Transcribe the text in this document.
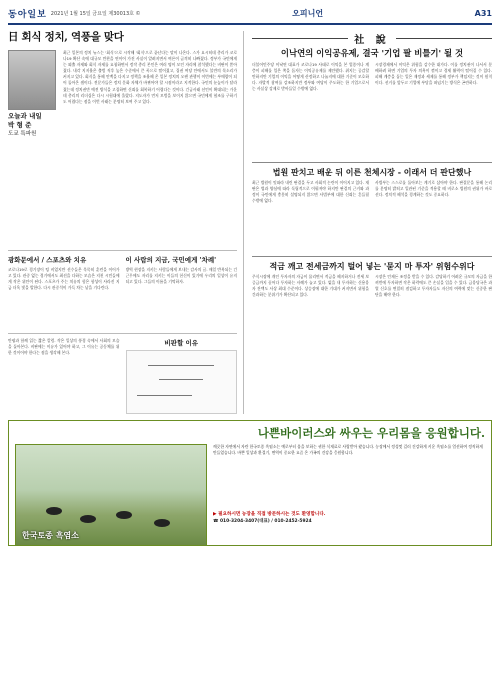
동아일보 2021년 1월 15일 금요일 제30013호 ©	오피니언	A31
日 회식 정치, 역풍을 맞다
오늘과 내일
박 형 준
도쿄 특파원
최근 일본의 정치 뉴스는 '회식'으로 시작해 '회식'으로 끝난다는 말이 나온다. 스가 요시히데 총리가 코로나19 확산 속에 대규모 만찬을 연이어 가진 사실이 알려지면서 여론이 급격히 나빠졌다. 정부가 국민에게는 외출 자제와 회식 자제를 요청하면서 정작 총리 본인은 여러 명이 모인 자리에 참석했다는 비판이 쏟아졌다. 내각 지지율은 출범 직후 높은 수준에서 큰 폭으로 떨어졌고, 집권 여당 안에서도 불만의 목소리가 커지고 있다. 회식을 통해 인맥을 다지고 정책을 조율해 온 일본 정치의 오랜 관행이 이번에는 부메랑이 되어 돌아온 셈이다. 전문가들은 정치 문화 자체가 바뀌어야 할 시점이라고 지적한다. 국민의 눈높이가 달라졌는데 정치권만 예전 방식을 고집하면 신뢰를 회복하기 어렵다는 것이다. 긴급사태 선언이 확대되는 가운데 총리의 리더십은 다시 시험대에 올랐다. 지도자가 먼저 모범을 보이지 않으면 국민에게 협조를 구하기도 어렵다는 점을 이번 사태는 분명히 보여 주고 있다.
광화문에서 / 스포츠와 치유
코로나19로 경기장이 텅 비었지만 선수들은 묵묵히 훈련을 이어가고 있다. 관중 없는 경기에서도 최선을 다하는 모습은 지친 시민들에게 작은 위안이 된다. 스포츠가 주는 치유의 힘은 함성이 사라진 지금 더욱 빛을 발한다. 다시 관중석이 가득 차는 날을 기다린다.
이 사람의 지금, 국민에게 '차례'
방역 현장을 지키는 사람들에게 보내는 감사의 글. 매일 반복되는 긴 근무에도 자리를 지키는 이들의 헌신이 있기에 우리의 일상이 유지되고 있다. 그들의 이름을 기억하자.
만평과 함께 읽는 짧은 칼럼. 작은 일상의 풍경 속에서 사회의 모습을 돌아본다. 비판에는 이유가 있어야 하고, 그 이유는 공동체를 위한 것이어야 한다는 점을 생각해 본다.
비판할 이유
社 說
이낙연의 이익공유제, 결국 '기업 팔 비틀기' 될 것
더불어민주당 이낙연 대표가 코로나19 사태로 이익을 본 업종이나 계층이 피해를 입은 쪽을 돕자는 이익공유제를 제안했다. 취지는 공감할 만하지만 기업의 이익을 어떻게 산정하고 나눌지에 대한 기준이 모호하다. 자발적 참여를 강조하지만 정부와 여당이 주도하는 한 기업으로서는 사실상 강제로 받아들일 수밖에 없다.
시장경제에서 이익은 위험을 감수한 대가다. 이를 정치권이 나서서 분배하려 하면 기업의 투자 의욕이 꺾이고 경제 활력이 떨어질 수 있다. 피해 계층을 돕는 일은 재정과 세제를 통해 정부가 책임지는 것이 원칙이다. 선거를 앞두고 기업에 부담을 떠넘기는 방식은 곤란하다.
법원 판치고 배운 뒤 이른 천체시장 - 이래서 더 판단했나
최근 법원이 잇따라 내린 판결을 두고 사회적 논란이 이어지고 있다. 재판은 법과 양심에 따라 독립적으로 이뤄져야 하지만 판결의 근거와 과정이 국민에게 충분히 설명되지 않으면 사법부에 대한 신뢰는 흔들릴 수밖에 없다.
사법부는 스스로를 돌아보는 계기로 삼아야 한다. 판결문을 통해 논리를 분명히 밝히고 일관된 기준을 적용할 때 비로소 법원의 권위가 바로 선다. 정치적 해석을 경계하는 것도 중요하다.
적금 깨고 전세금까지 털어 넣는 '묻지 마 투자' 위험수위다
주식시장에 개인 투자자의 자금이 몰리면서 적금을 해지하거나 전세 보증금까지 끌어다 투자하는 사례가 늘고 있다. 빚을 내 투자하는 신용융자 잔액도 사상 최대 수준이다. 상승장에 대한 기대가 커지면서 위험을 간과하는 분위기가 확산되고 있다.
시장은 언제든 조정을 받을 수 있다. 감당하기 어려운 규모의 자금을 한꺼번에 투자하면 작은 하락에도 큰 손실을 입을 수 있다. 금융당국은 과열 신호를 면밀히 점검하고 투자자들도 자신의 여력에 맞는 신중한 판단을 해야 한다.
나쁜바이러스와 싸우는 우리몸을 응원합니다.
한국토종 흑염소
깨끗한 자연에서 자란 한국토종 흑염소는 예로부터 몸을 보하는 귀한 식재료로 사랑받아 왔습니다. 농장에서 정성껏 길러 건강하게 키운 흑염소를 엄선하여 정직하게 만들었습니다. 바쁜 일상과 환절기, 면역이 중요한 요즘 온 가족의 건강을 응원합니다.
▶ 필요하시면 농장을 직접 방문하시는 것도 환영합니다.
☎ 010-3204-3407(대표) / 010-2452-5924
